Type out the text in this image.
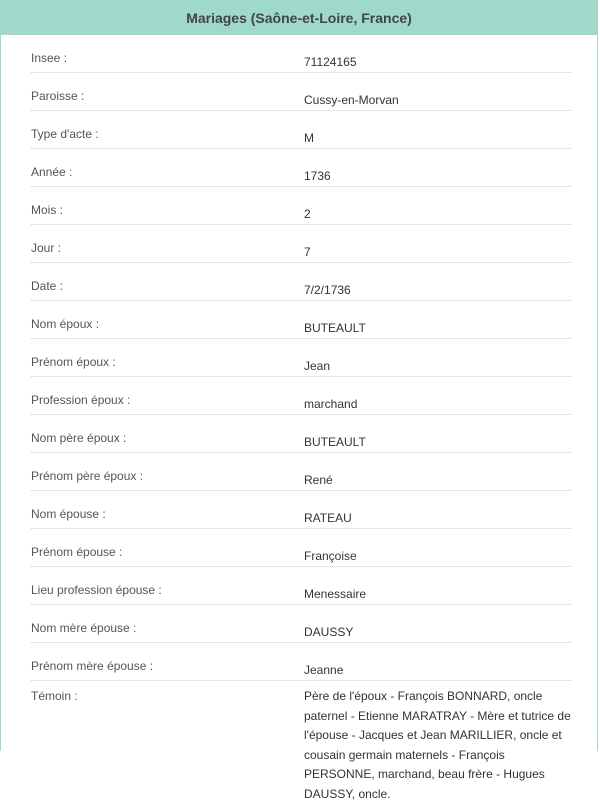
Mariages (Saône-et-Loire, France)
Insee :	71124165
Paroisse :	Cussy-en-Morvan
Type d'acte :	M
Année :	1736
Mois :	2
Jour :	7
Date :	7/2/1736
Nom époux :	BUTEAULT
Prénom époux :	Jean
Profession époux :	marchand
Nom père époux :	BUTEAULT
Prénom père époux :	René
Nom épouse :	RATEAU
Prénom épouse :	Françoise
Lieu profession épouse :	Menessaire
Nom mère épouse :	DAUSSY
Prénom mère épouse :	Jeanne
Témoin :	Père de l'époux - François BONNARD, oncle paternel - Etienne MARATRAY - Mère et tutrice de l'épouse - Jacques et Jean MARILLIER, oncle et cousain germain maternels - François PERSONNE, marchand, beau frère - Hugues DAUSSY, oncle.
